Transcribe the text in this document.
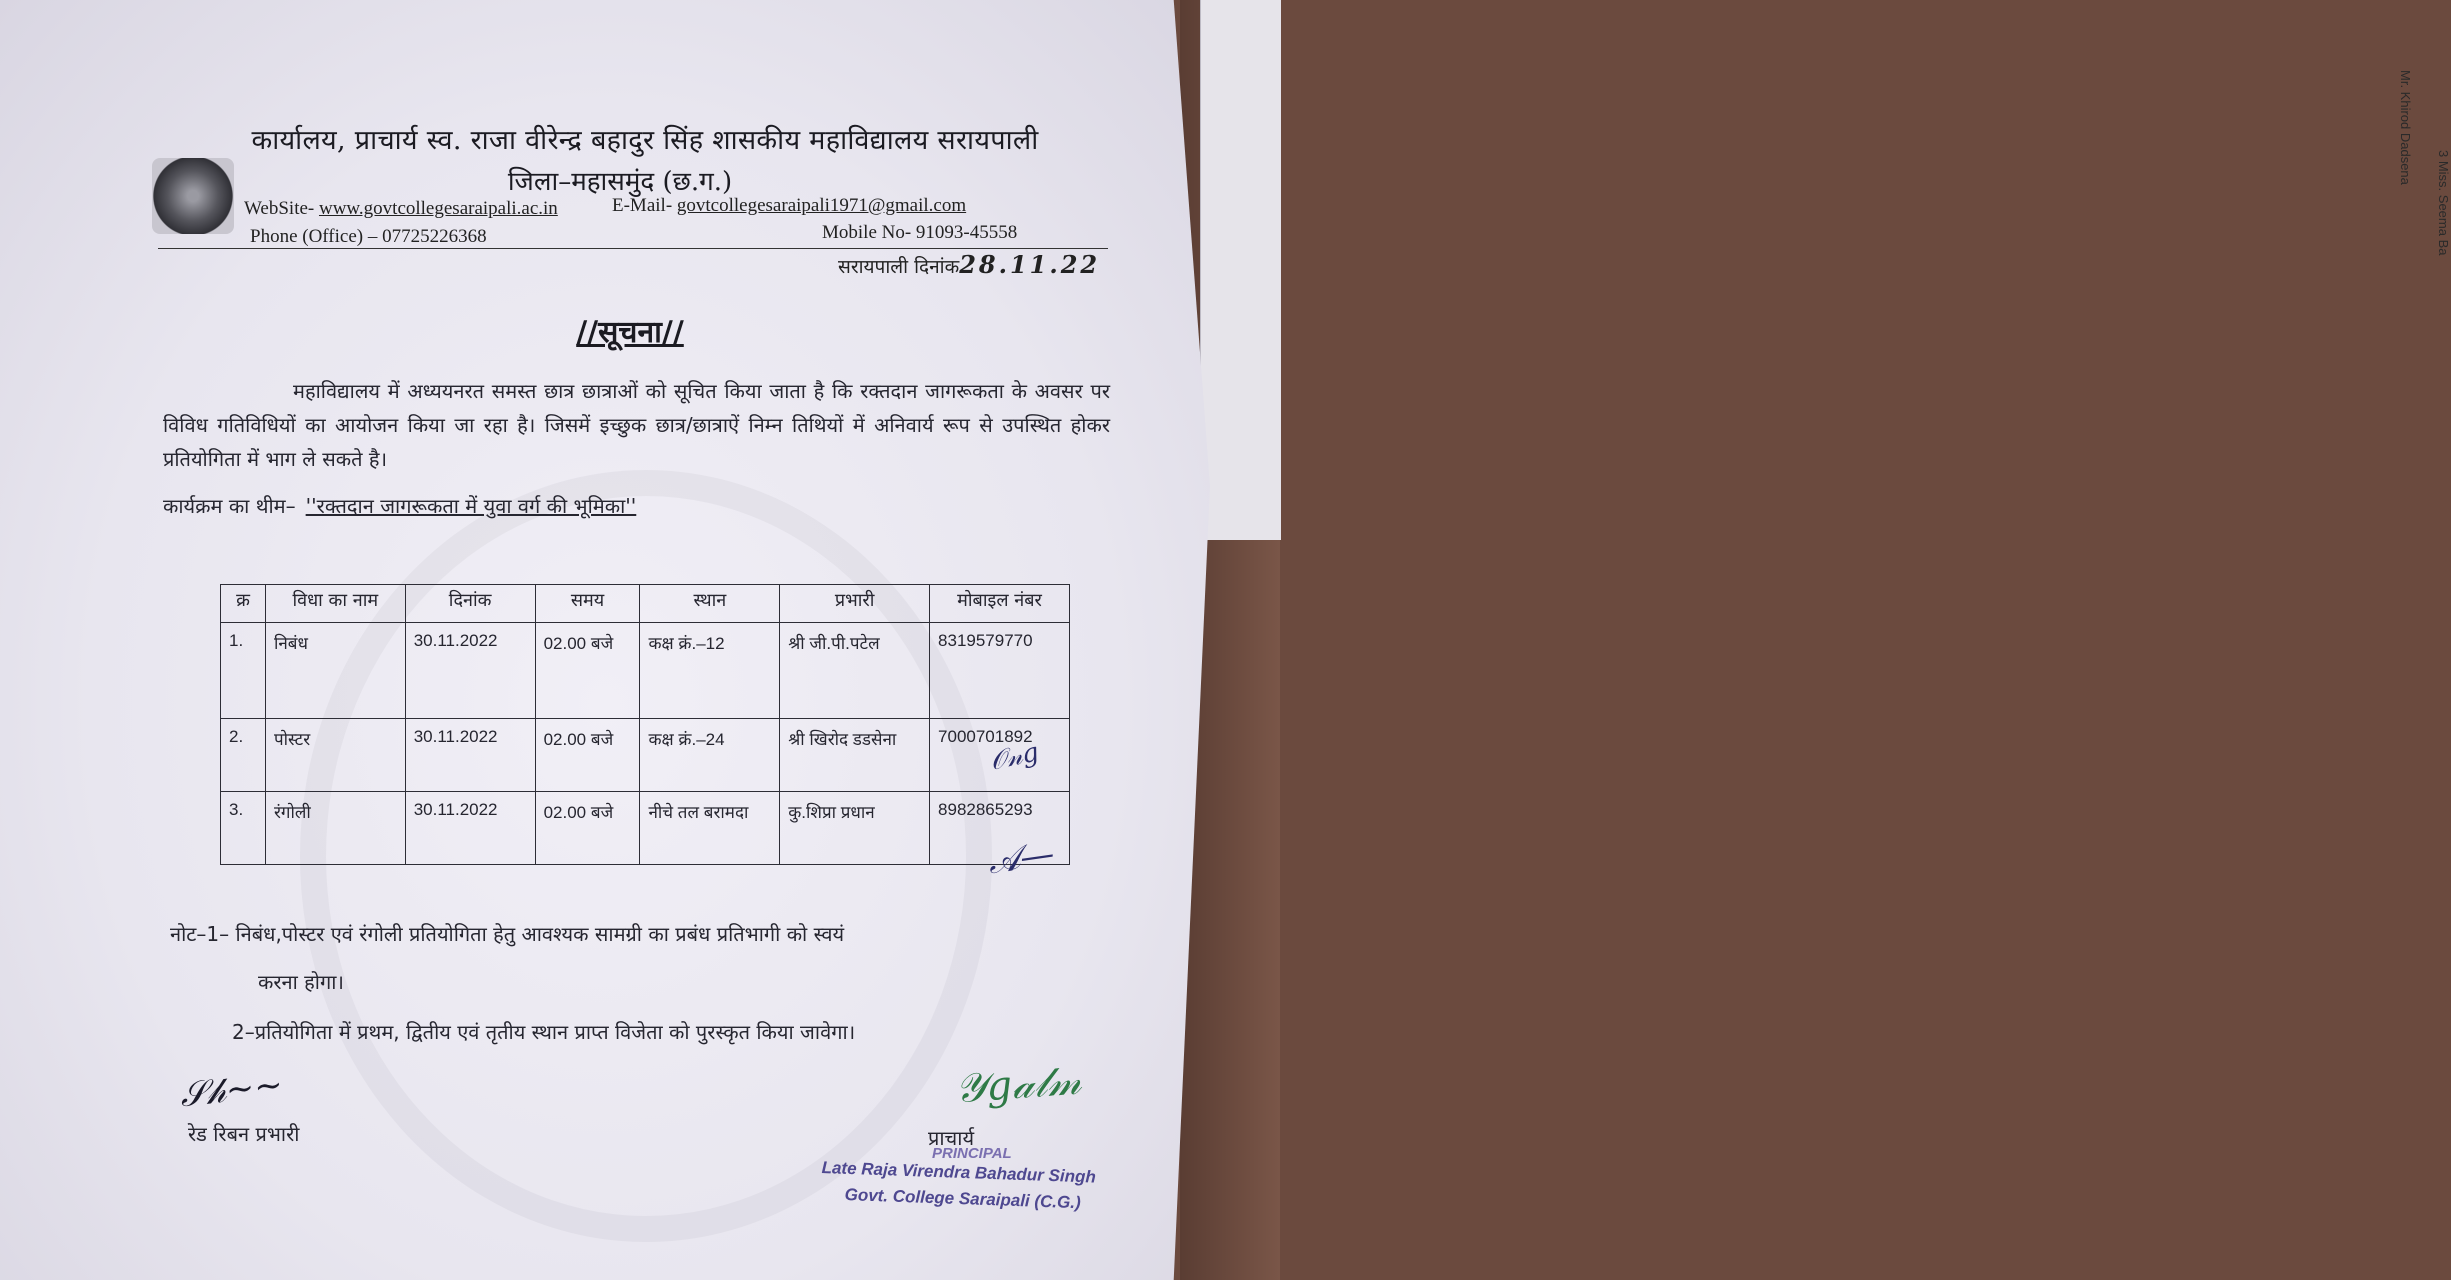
Mr. Khirod Dadsena
3 Miss. Seema Ba
कार्यालय, प्राचार्य स्व. राजा वीरेन्द्र बहादुर सिंह शासकीय महाविद्यालय सरायपाली
जिला–महासमुंद (छ.ग.)
WebSite- www.govtcollegesaraipali.ac.in	E-Mail- govtcollegesaraipali1971@gmail.com
Phone (Office) – 07725226368	Mobile No- 91093-45558
सरायपाली दिनांक28.11.22
//सूचना//
महाविद्यालय में अध्ययनरत समस्त छात्र छात्राओं को सूचित किया जाता है कि रक्तदान जागरूकता के अवसर पर विविध गतिविधियों का आयोजन किया जा रहा है। जिसमें इच्छुक छात्र/छात्राऐं निम्न तिथियों में अनिवार्य रूप से उपस्थित होकर प्रतियोगिता में भाग ले सकते है।
कार्यक्रम का थीम– ''रक्तदान जागरूकता में युवा वर्ग की भूमिका''
क्र	विधा का नाम	दिनांक	समय	स्थान	प्रभारी	मोबाइल नंबर
1.	निबंध	30.11.2022	02.00 बजे	कक्ष क्रं.–12	श्री जी.पी.पटेल	8319579770
2.	पोस्टर	30.11.2022	02.00 बजे	कक्ष क्रं.–24	श्री खिरोद डडसेना	7000701892
3.	रंगोली	30.11.2022	02.00 बजे	नीचे तल बरामदा	कु.शिप्रा प्रधान	8982865293
𝒪𝓃𝑔
𝒜—
नोट–1– निबंध,पोस्टर एवं रंगोली प्रतियोगिता हेतु आवश्यक सामग्री का प्रबंध प्रतिभागी को स्वयं
करना होगा।
2–प्रतियोगिता में प्रथम, द्वितीय एवं तृतीय स्थान प्राप्त विजेता को पुरस्कृत किया जावेगा।
𝒮𝒽~~
रेड रिबन प्रभारी
𝒴𝑔𝒶𝓁𝓂
प्राचार्य
PRINCIPAL
Late Raja Virendra Bahadur Singh
Govt. College Saraipali (C.G.)
